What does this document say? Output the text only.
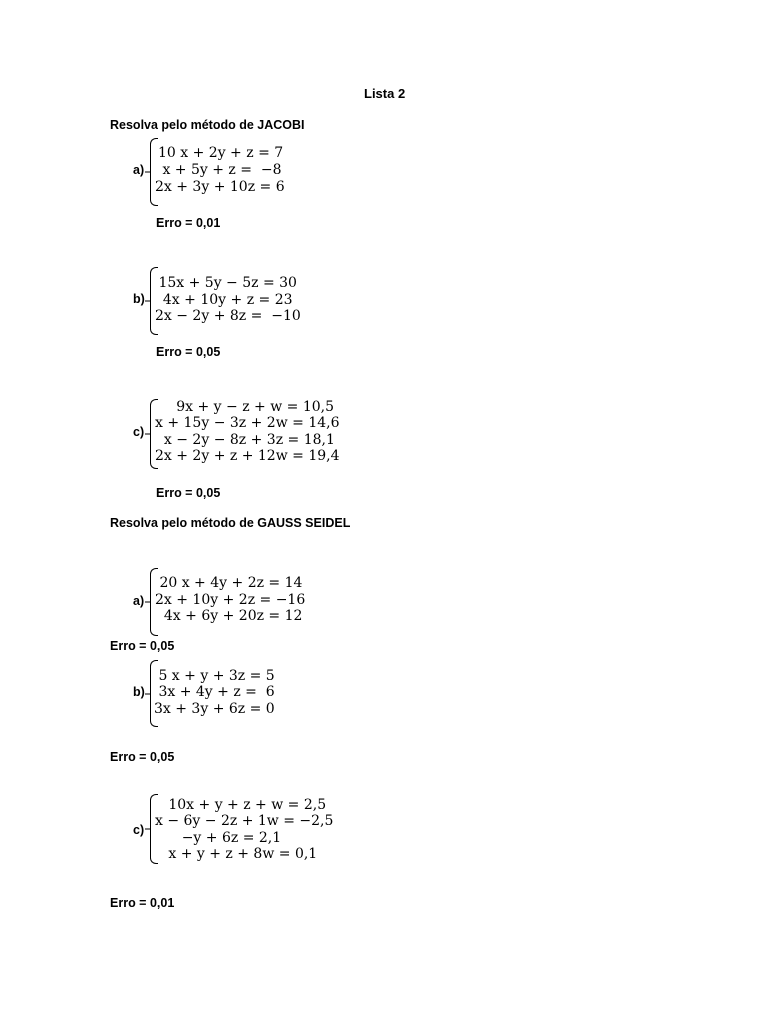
Lista 2
Resolva pelo método de JACOBI
a)
10 x + 2y + z = 7
x + 5y + z =  −8
2x + 3y + 10z = 6
Erro = 0,01
b)
15x + 5y − 5z = 30
4x + 10y + z = 23
2x − 2y + 8z =  −10
Erro = 0,05
c)
9x + y − z + w = 10,5
x + 15y − 3z + 2w = 14,6
x − 2y − 8z + 3z = 18,1
2x + 2y + z + 12w = 19,4
Erro = 0,05
Resolva pelo método de GAUSS SEIDEL
a)
20 x + 4y + 2z = 14
2x + 10y + 2z = −16
4x + 6y + 20z = 12
Erro = 0,05
b)
5 x + y + 3z = 5
3x + 4y + z =  6
3x + 3y + 6z = 0
Erro = 0,05
c)
10x + y + z + w = 2,5
x − 6y − 2z + 1w = −2,5
−y + 6z = 2,1
x + y + z + 8w = 0,1
Erro = 0,01
